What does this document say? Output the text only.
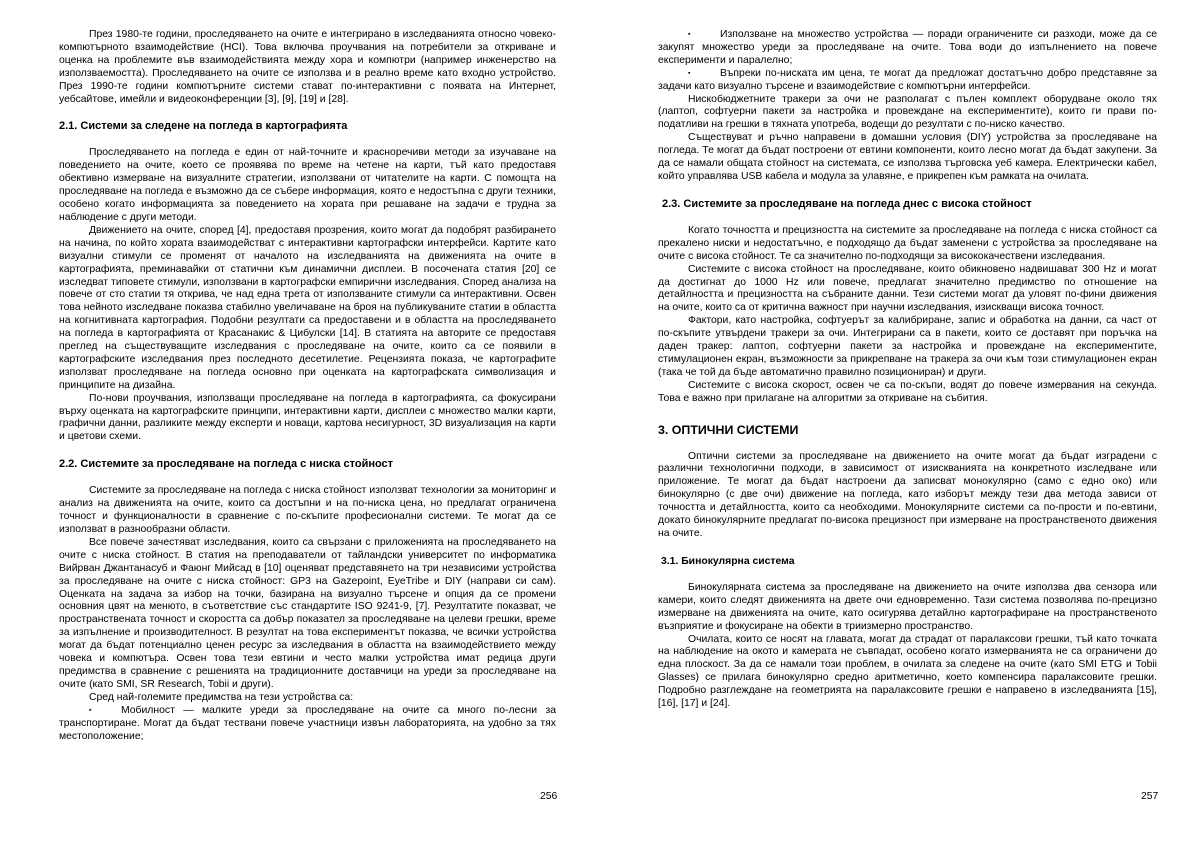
През 1980-те години, проследяването на очите е интегрирано в изследванията относно човеко-компютърното взаимодействие (HCI). Това включва проучвания на потребители за откриване и оценка на проблемите във взаимодействията между хора и компютри (например инженерство на използваемостта). Проследяването на очите се използва и в реално време като входно устройство. През 1990-те години компютърните системи стават по-интерактивни с появата на Интернет, уебсайтове, имейли и видеоконференции [3], [9], [19] и [28].

2.1. Системи за следене на погледа в картографията

Проследяването на погледа е един от най-точните и красноречиви методи за изучаване на поведението на очите, което се проявява по време на четене на карти, тъй като предоставя обективно измерване на визуалните стратегии, използвани от читателите на карти. С помощта на проследяване на погледа е възможно да се събере информация, която е недостъпна с други техники, особено когато информацията за поведението на хората при решаване на задачи е трудна за наблюдение с други методи.

Движението на очите, според [4], предоставя прозрения, които могат да подобрят разбирането на начина, по който хората взаимодействат с интерактивни картографски интерфейси. Картите като визуални стимули се променят от началото на изследванията на движенията на очите в картографията, преминавайки от статични към динамични дисплеи. В посочената статия [20] се изследват типовете стимули, използвани в картографски емпирични изследвания. Според анализа на повече от сто статии тя открива, че над една трета от използваните стимули са интерактивни. Освен това нейното изследване показва стабилно увеличаване на броя на публикуваните статии в областта на когнитивната картография. Подобни резултати са предоставени и в областта на проследяването на погледа в картографията от Красанакис & Цибулски [14]. В статията на авторите се предоставя преглед на съществуващите изследвания с проследяване на очите, които са се появили в картографските изследвания през последното десетилетие. Рецензията показа, че картографите използват проследяване на погледа основно при оценката на картографската символизация и принципите на дизайна.

По-нови проучвания, използващи проследяване на погледа в картографията, са фокусирани върху оценката на картографските принципи, интерактивни карти, дисплеи с множество малки карти, графични данни, разликите между експерти и новаци, картова несигурност, 3D визуализация на карти и цветови схеми.

2.2. Системите за проследяване на погледа с ниска стойност

Системите за проследяване на погледа с ниска стойност използват технологии за мониторинг и анализ на движенията на очите, които са достъпни и на по-ниска цена, но предлагат ограничена точност и функционалности в сравнение с по-скъпите професионални системи. Те могат да се използват в разнообразни области.

Все повече зачестяват изследвания, които са свързани с приложенията на проследяването на очите с ниска стойност. В статия на преподаватели от тайландски университет по информатика Вийрван Джантанасуб и Фаюнг Мийсад в [10] оценяват представянето на три независими устройства за проследяване на очите с ниска стойност: GP3 на Gazepoint, EyeTribe и DIY (направи си сам). Оценката на задача за избор на точки, базирана на визуално търсене и опция да се промени основния цвят на менюто, в съответствие със стандартите ISO 9241-9, [7]. Резултатите показват, че пространствената точност и скоростта са добър показател за проследяване на целеви грешки, време за изпълнение и производителност. В резултат на това експериментът показва, че всички устройства могат да бъдат потенциално ценен ресурс за изследвания в областта на взаимодействието между човека и компютъра. Освен това тези евтини и често малки устройства имат редица други предимства в сравнение с решенията на традиционните доставчици на уреди за проследяване на очите (като SMI, SR Research, Tobii и други).

Сред най-големите предимства на тези устройства са:

▪	Мобилност — малките уреди за проследяване на очите са много по-лесни за транспортиране. Могат да бъдат тествани повече участници извън лабораторията, на удобно за тях местоположение;

256

▪	Използване на множество устройства — поради ограничените си разходи, може да се закупят множество уреди за проследяване на очите. Това води до изпълнението на повече експерименти и паралелно;

▪	Въпреки по-ниската им цена, те могат да предложат достатъчно добро представяне за задачи като визуално търсене и взаимодействие с компютърни интерфейси.

Нискобюджетните тракери за очи не разполагат с пълен комплект оборудване около тях (лаптоп, софтуерни пакети за настройка и провеждане на експериментите), които ги прави по-податливи на грешки в тяхната употреба, водещи до резултати с по-ниско качество.

Съществуват и ръчно направени в домашни условия (DIY) устройства за проследяване на погледа. Те могат да бъдат построени от евтини компоненти, които лесно могат да бъдат закупени. За да се намали общата стойност на системата, се използва търговска уеб камера. Електрически кабел, който управлява USB кабела и модула за улавяне, е прикрепен към рамката на очилата.

2.3. Системите за проследяване на погледа днес с висока стойност

Когато точността и прецизността на системите за проследяване на погледа с ниска стойност са прекалено ниски и недостатъчно, е подходящо да бъдат заменени с устройства за проследяване на очите с висока стойност. Те са значително по-подходящи за висококачествени изследвания.

Системите с висока стойност на проследяване, които обикновено надвишават 300 Hz и могат да достигнат до 1000 Hz или повече, предлагат значително предимство по отношение на детайлността и прецизността на събраните данни. Тези системи могат да уловят по-фини движения на очите, които са от критична важност при научни изследвания, изискващи висока точност.

Фактори, като настройка, софтуерът за калибриране, запис и обработка на данни, са част от по-скъпите утвърдени тракери за очи. Интегрирани са в пакети, които се доставят при поръчка на даден тракер: лаптоп, софтуерни пакети за настройка и провеждане на експериментите, стимулационен екран, възможности за прикрепване на тракера за очи към този стимулационен екран (така че той да бъде автоматично правилно позициониран) и други.

Системите с висока скорост, освен че са по-скъпи, водят до повече измервания на секунда. Това е важно при прилагане на алгоритми за откриване на събития.

3. ОПТИЧНИ СИСТЕМИ

Оптични системи за проследяване на движението на очите могат да бъдат изградени с различни технологични подходи, в зависимост от изискванията на конкретното изследване или приложение. Те могат да бъдат настроени да записват монокулярно (само с едно око) или бинокулярно (с две очи) движение на погледа, като изборът между тези два метода зависи от точността и детайлността, които са необходими. Монокулярните системи са по-прости и по-евтини, докато бинокулярните предлагат по-висока прецизност при измерване на пространственото движения на очите.

3.1. Бинокулярна система

Бинокулярната система за проследяване на движението на очите използва два сензора или камери, които следят движенията на двете очи едновременно. Тази система позволява по-прецизно измерване на движенията на очите, като осигурява детайлно картографиране на пространственото възприятие и фокусиране на обекти в триизмерно пространство.

Очилата, които се носят на главата, могат да страдат от паралаксови грешки, тъй като точката на наблюдение на окото и камерата не съвпадат, особено когато измерванията не са ограничени до една плоскост. За да се намали този проблем, в очилата за следене на очите (като SMI ETG и Tobii Glasses) се прилага бинокулярно средно аритметично, което компенсира паралаксовите грешки. Подробно разглеждане на геометрията на паралаксовите грешки е направено в изследванията [15], [16], [17] и [24].

257
